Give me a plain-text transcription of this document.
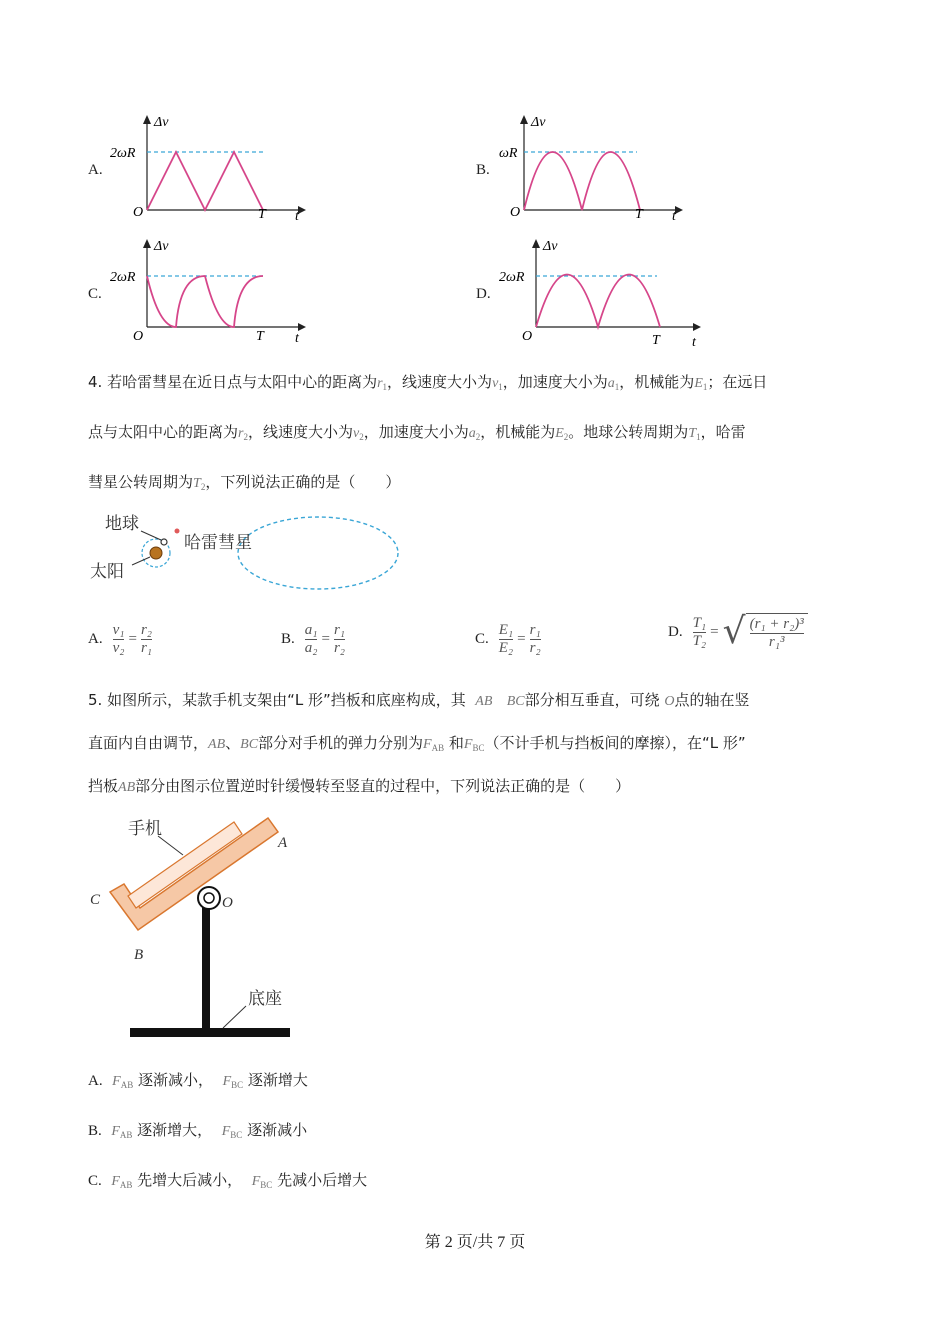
A.
Δv
2ωR
O	T t
B.
Δv
ωR
O	T t
C.
Δv
2ωR
O	T t
D.
Δv
2ωR
O	T t
4. 若哈雷彗星在近日点与太阳中心的距离为$r_1$，线速度大小为$v_1$，加速度大小为$a_1$，机械能为$E_1$；在远日
点与太阳中心的距离为$r_2$，线速度大小为$v_2$，加速度大小为$a_2$，机械能为$E_2$。地球公转周期为$T_1$，哈雷
彗星公转周期为$T_2$，下列说法正确的是（　　）
地球
哈雷彗星
太阳
A. $\frac{\text{v₁}}{\text{v₂}} = \frac{\text{r₂}}{\text{r₁}}$	B. $\frac{\text{a₁}}{\text{a₂}} = \frac{\text{r₁}}{\text{r₂}}$	C. $\frac{\text{E₁}}{\text{E₂}} = \frac{\text{r₁}}{\text{r₂}}$	D. $\frac{\text{T₁}}{\text{T₂}}$ = √ $\frac{\text{(r₁ + r₂)³}}{\text{r₁³}}$
5. 如图所示，某款手机支架由“L 形”挡板和底座构成，其 AB BC部分相互垂直，可绕 O点的轴在竖
直面内自由调节，AB、BC部分对手机的弹力分别为$F_{AB}$ 和$F_{BC}$（不计手机与挡板间的摩擦），在“L 形”
挡板AB部分由图示位置逆时针缓慢转至竖直的过程中，下列说法正确的是（　　）
手机
A
C
B
O
底座
A. $F_{AB}$ 逐渐减小， $F_{BC}$ 逐渐增大
B. $F_{AB}$ 逐渐增大， $F_{BC}$ 逐渐减小
C. $F_{AB}$ 先增大后减小， $F_{BC}$ 先减小后增大
第 2 页/共 7 页
